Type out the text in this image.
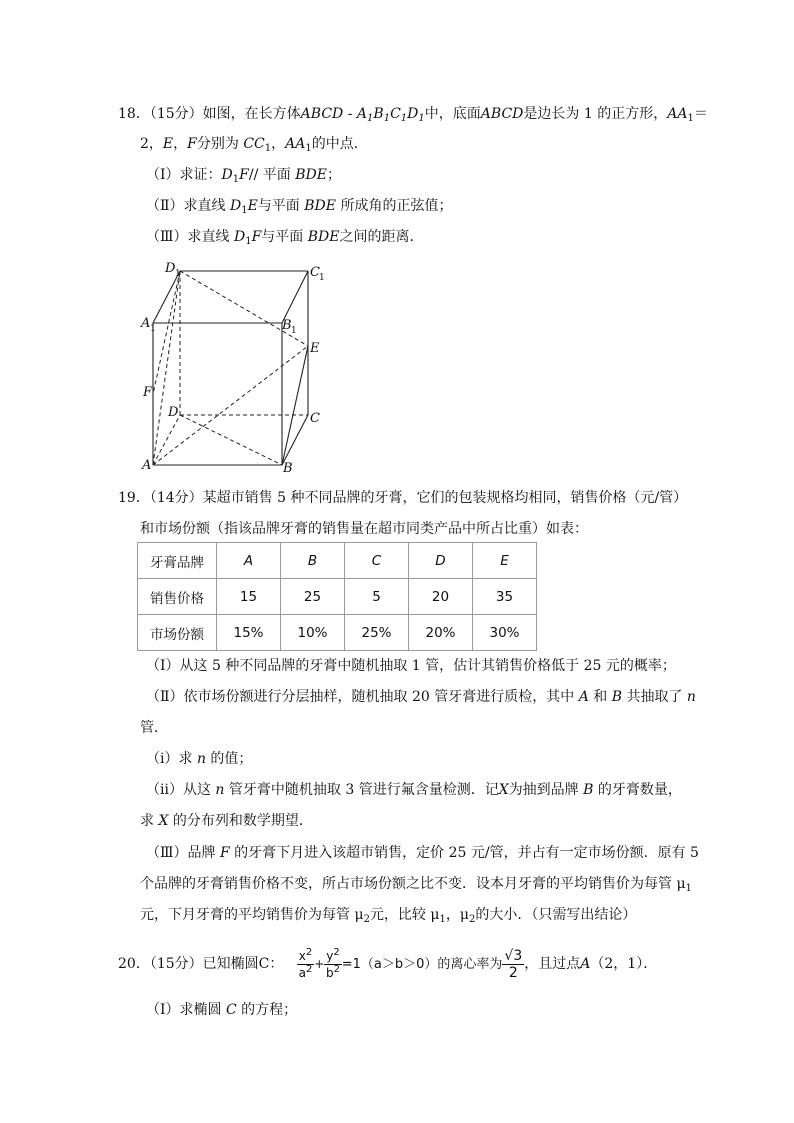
18．（15分）如图，在长方体ABCD - $A_1B_1C_1D_1$中，底面ABCD是边长为 1 的正方形，$AA_1=$
2，E，F分别为 $CC_1$，$AA_1$的中点．
（Ⅰ）求证：$D_1F//$ 平面 BDE；
（Ⅱ）求直线 $D_1E$与平面 BDE 所成角的正弦值；
（Ⅲ）求直线 $D_1F$与平面 BDE之间的距离．
D 1	C 1
A 1	B 1
E
F
D	C
A	B
19．（14分）某超市销售 5 种不同品牌的牙膏，它们的包装规格均相同，销售价格（元/管）
和市场份额（指该品牌牙膏的销售量在超市同类产品中所占比重）如表：
牙膏品牌	A	B	C	D	E
销售价格	15	25	5	20	35
市场份额	15%	10%	25%	20%	30%
（Ⅰ）从这 5 种不同品牌的牙膏中随机抽取 1 管，估计其销售价格低于 25 元的概率；
（Ⅱ）依市场份额进行分层抽样，随机抽取 20 管牙膏进行质检，其中 A 和 B 共抽取了 n
管．
（ⅰ）求 n 的值；
（ⅱ）从这 n 管牙膏中随机抽取 3 管进行氟含量检测．记X为抽到品牌 B 的牙膏数量，
求 X 的分布列和数学期望．
（Ⅲ）品牌 F 的牙膏下月进入该超市销售，定价 25 元/管，并占有一定市场份额．原有 5
个品牌的牙膏销售价格不变，所占市场份额之比不变．设本月牙膏的平均销售价为每管 $\mu_1$
元，下月牙膏的平均销售价为每管 $\mu_2$元，比较 $\mu_1$，$\mu_2$的大小．（只需写出结论）
20．（15分）已知椭圆C： $\frac{x^2}{a^2} + \frac{y^2}{b^2} =1(a>b>0)$的离心率为 $\frac{√3}{2}$ ，且过点A（2，1）．
（Ⅰ）求椭圆 C 的方程；
